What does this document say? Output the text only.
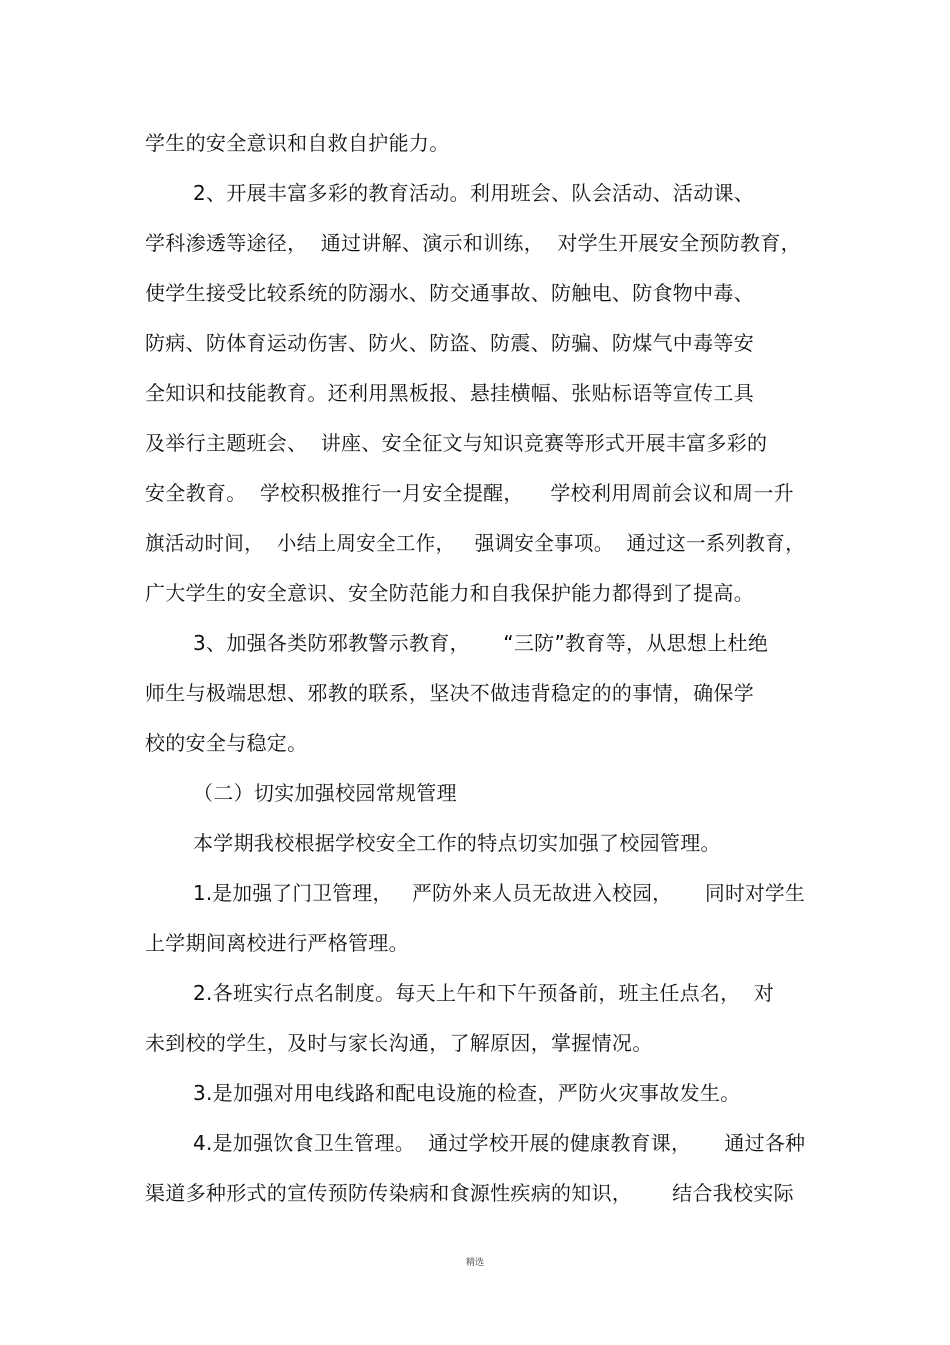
学生的安全意识和自救自护能力。
2、开展丰富多彩的教育活动。利用班会、队会活动、活动课、
学科渗透等途径，  通过讲解、演示和训练，  对学生开展安全预防教育，
使学生接受比较系统的防溺水、防交通事故、防触电、防食物中毒、
防病、防体育运动伤害、防火、防盗、防震、防骗、防煤气中毒等安
全知识和技能教育。还利用黑板报、悬挂横幅、张贴标语等宣传工具
及举行主题班会、  讲座、安全征文与知识竞赛等形式开展丰富多彩的
安全教育。  学校积极推行一月安全提醒，    学校利用周前会议和周一升
旗活动时间，  小结上周安全工作，   强调安全事项。  通过这一系列教育，
广大学生的安全意识、安全防范能力和自我保护能力都得到了提高。
3、加强各类防邪教警示教育，     “三防”教育等，从思想上杜绝
师生与极端思想、邪教的联系，坚决不做违背稳定的的事情，确保学
校的安全与稳定。
（二）切实加强校园常规管理
本学期我校根据学校安全工作的特点切实加强了校园管理。
1.是加强了门卫管理，   严防外来人员无故进入校园，     同时对学生
上学期间离校进行严格管理。
2.各班实行点名制度。每天上午和下午预备前，班主任点名，  对
未到校的学生，及时与家长沟通，了解原因，掌握情况。
3.是加强对用电线路和配电设施的检查，严防火灾事故发生。
4.是加强饮食卫生管理。  通过学校开展的健康教育课，     通过各种
渠道多种形式的宣传预防传染病和食源性疾病的知识，      结合我校实际
精选
